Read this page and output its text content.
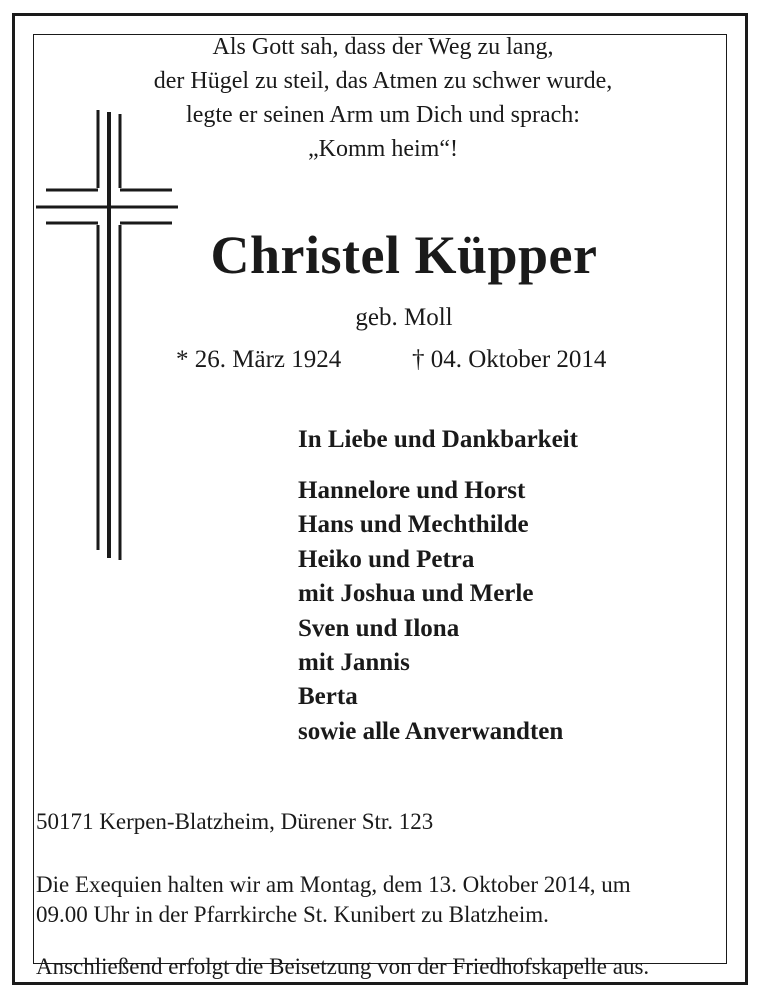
Als Gott sah, dass der Weg zu lang,
der Hügel zu steil, das Atmen zu schwer wurde,
legte er seinen Arm um Dich und sprach:
„Komm heim“!
Christel Küpper
geb. Moll
* 26. März 1924	† 04. Oktober 2014
In Liebe und Dankbarkeit
Hannelore und Horst
Hans und Mechthilde
Heiko und Petra
mit Joshua und Merle
Sven und Ilona
mit Jannis
Berta
sowie alle Anverwandten
50171 Kerpen-Blatzheim, Dürener Str. 123
Die Exequien halten wir am Montag, dem 13. Oktober 2014, um
09.00 Uhr in der Pfarrkirche St. Kunibert zu Blatzheim.
Anschließend erfolgt die Beisetzung von der Friedhofskapelle aus.
